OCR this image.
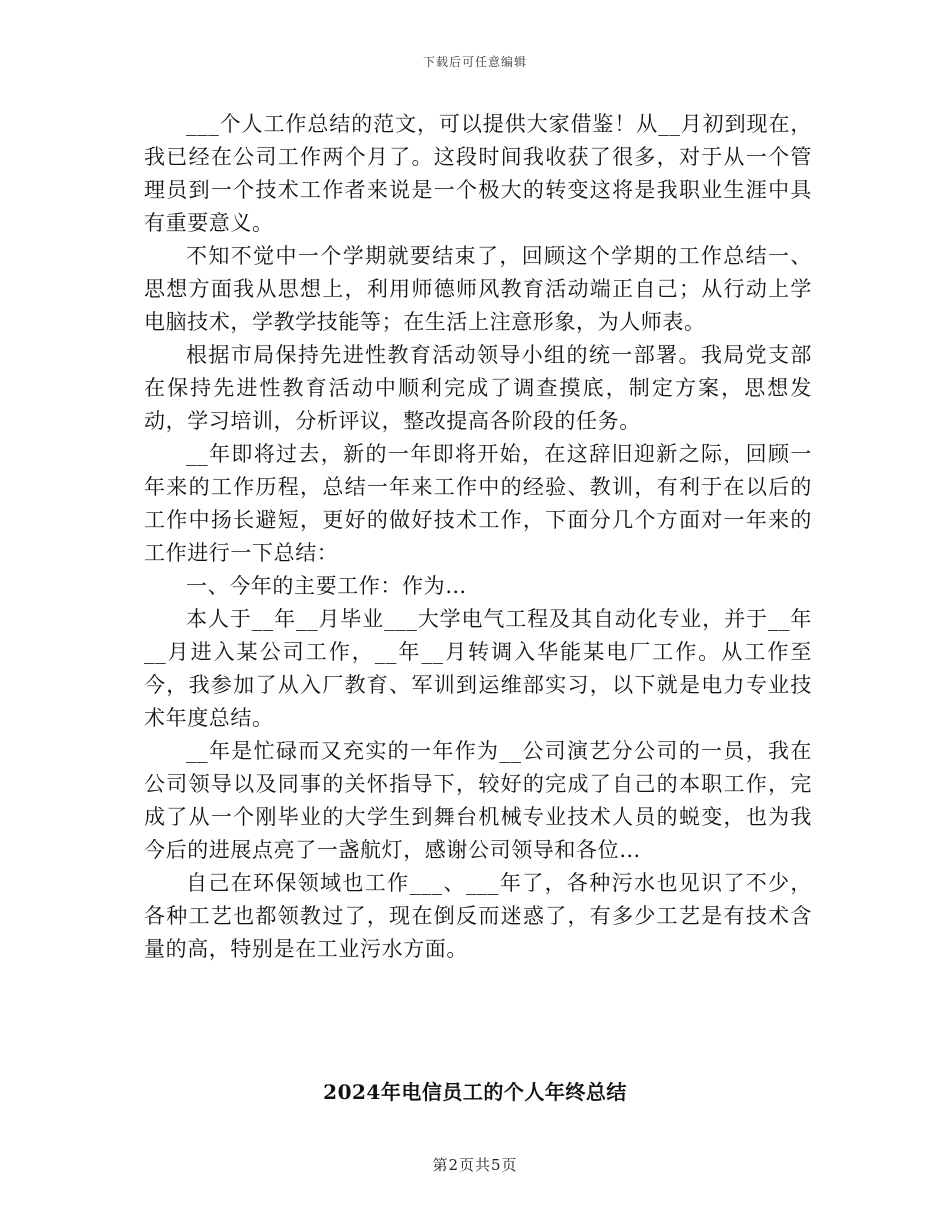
下载后可任意编辑

___个人工作总结的范文，可以提供大家借鉴！从__月初到现在，我已经在公司工作两个月了。这段时间我收获了很多，对于从一个管理员到一个技术工作者来说是一个极大的转变这将是我职业生涯中具有重要意义。

不知不觉中一个学期就要结束了，回顾这个学期的工作总结一、思想方面我从思想上，利用师德师风教育活动端正自己；从行动上学电脑技术，学教学技能等；在生活上注意形象，为人师表。

根据市局保持先进性教育活动领导小组的统一部署。我局党支部在保持先进性教育活动中顺利完成了调查摸底，制定方案，思想发动，学习培训，分析评议，整改提高各阶段的任务。

__年即将过去，新的一年即将开始，在这辞旧迎新之际，回顾一年来的工作历程，总结一年来工作中的经验、教训，有利于在以后的工作中扬长避短，更好的做好技术工作，下面分几个方面对一年来的工作进行一下总结：

一、今年的主要工作：作为…

本人于__年__月毕业___大学电气工程及其自动化专业，并于__年__月进入某公司工作，__年__月转调入华能某电厂工作。从工作至今，我参加了从入厂教育、军训到运维部实习，以下就是电力专业技术年度总结。

__年是忙碌而又充实的一年作为__公司演艺分公司的一员，我在公司领导以及同事的关怀指导下，较好的完成了自己的本职工作，完成了从一个刚毕业的大学生到舞台机械专业技术人员的蜕变，也为我今后的进展点亮了一盏航灯，感谢公司领导和各位…

自己在环保领域也工作___、___年了，各种污水也见识了不少，各种工艺也都领教过了，现在倒反而迷惑了，有多少工艺是有技术含量的高，特别是在工业污水方面。

2024年电信员工的个人年终总结
第2页共5页
